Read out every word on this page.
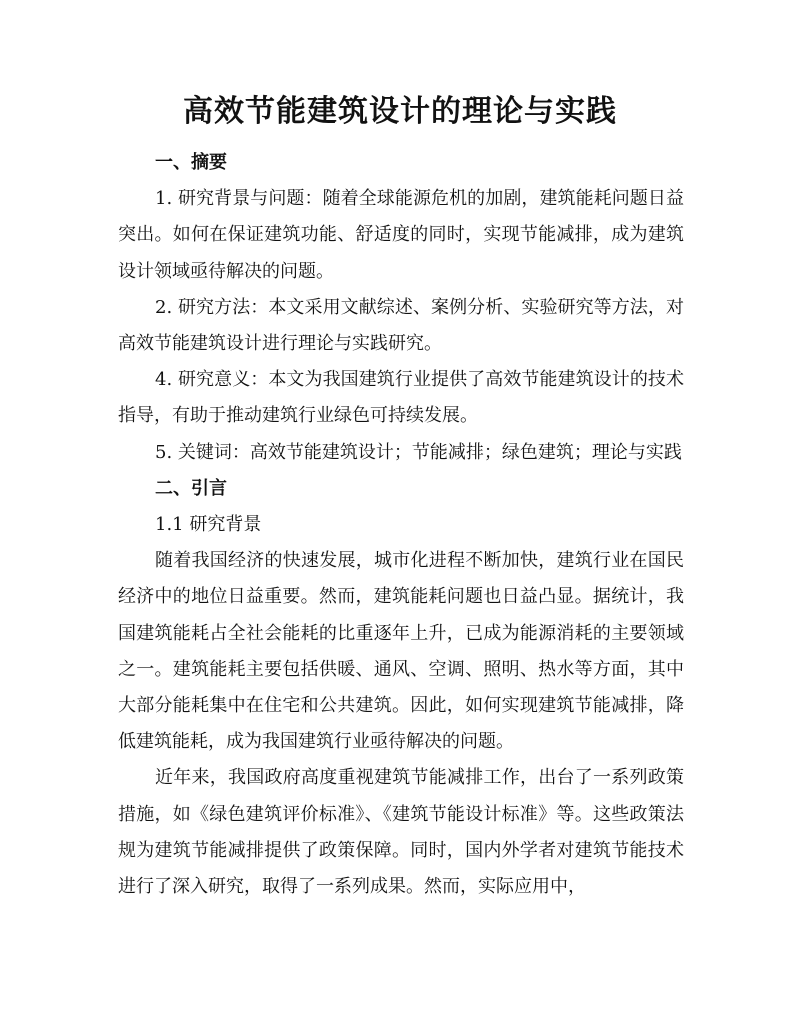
高效节能建筑设计的理论与实践

一、摘要

1. 研究背景与问题：随着全球能源危机的加剧，建筑能耗问题日益突出。如何在保证建筑功能、舒适度的同时，实现节能减排，成为建筑设计领域亟待解决的问题。

2. 研究方法：本文采用文献综述、案例分析、实验研究等方法，对高效节能建筑设计进行理论与实践研究。

4. 研究意义：本文为我国建筑行业提供了高效节能建筑设计的技术指导，有助于推动建筑行业绿色可持续发展。

5. 关键词：高效节能建筑设计；节能减排；绿色建筑；理论与实践

二、引言

1.1 研究背景

随着我国经济的快速发展，城市化进程不断加快，建筑行业在国民经济中的地位日益重要。然而，建筑能耗问题也日益凸显。据统计，我国建筑能耗占全社会能耗的比重逐年上升，已成为能源消耗的主要领域之一。建筑能耗主要包括供暖、通风、空调、照明、热水等方面，其中大部分能耗集中在住宅和公共建筑。因此，如何实现建筑节能减排，降低建筑能耗，成为我国建筑行业亟待解决的问题。

近年来，我国政府高度重视建筑节能减排工作，出台了一系列政策措施，如《绿色建筑评价标准》、《建筑节能设计标准》等。这些政策法规为建筑节能减排提供了政策保障。同时，国内外学者对建筑节能技术进行了深入研究，取得了一系列成果。然而，实际应用中，
